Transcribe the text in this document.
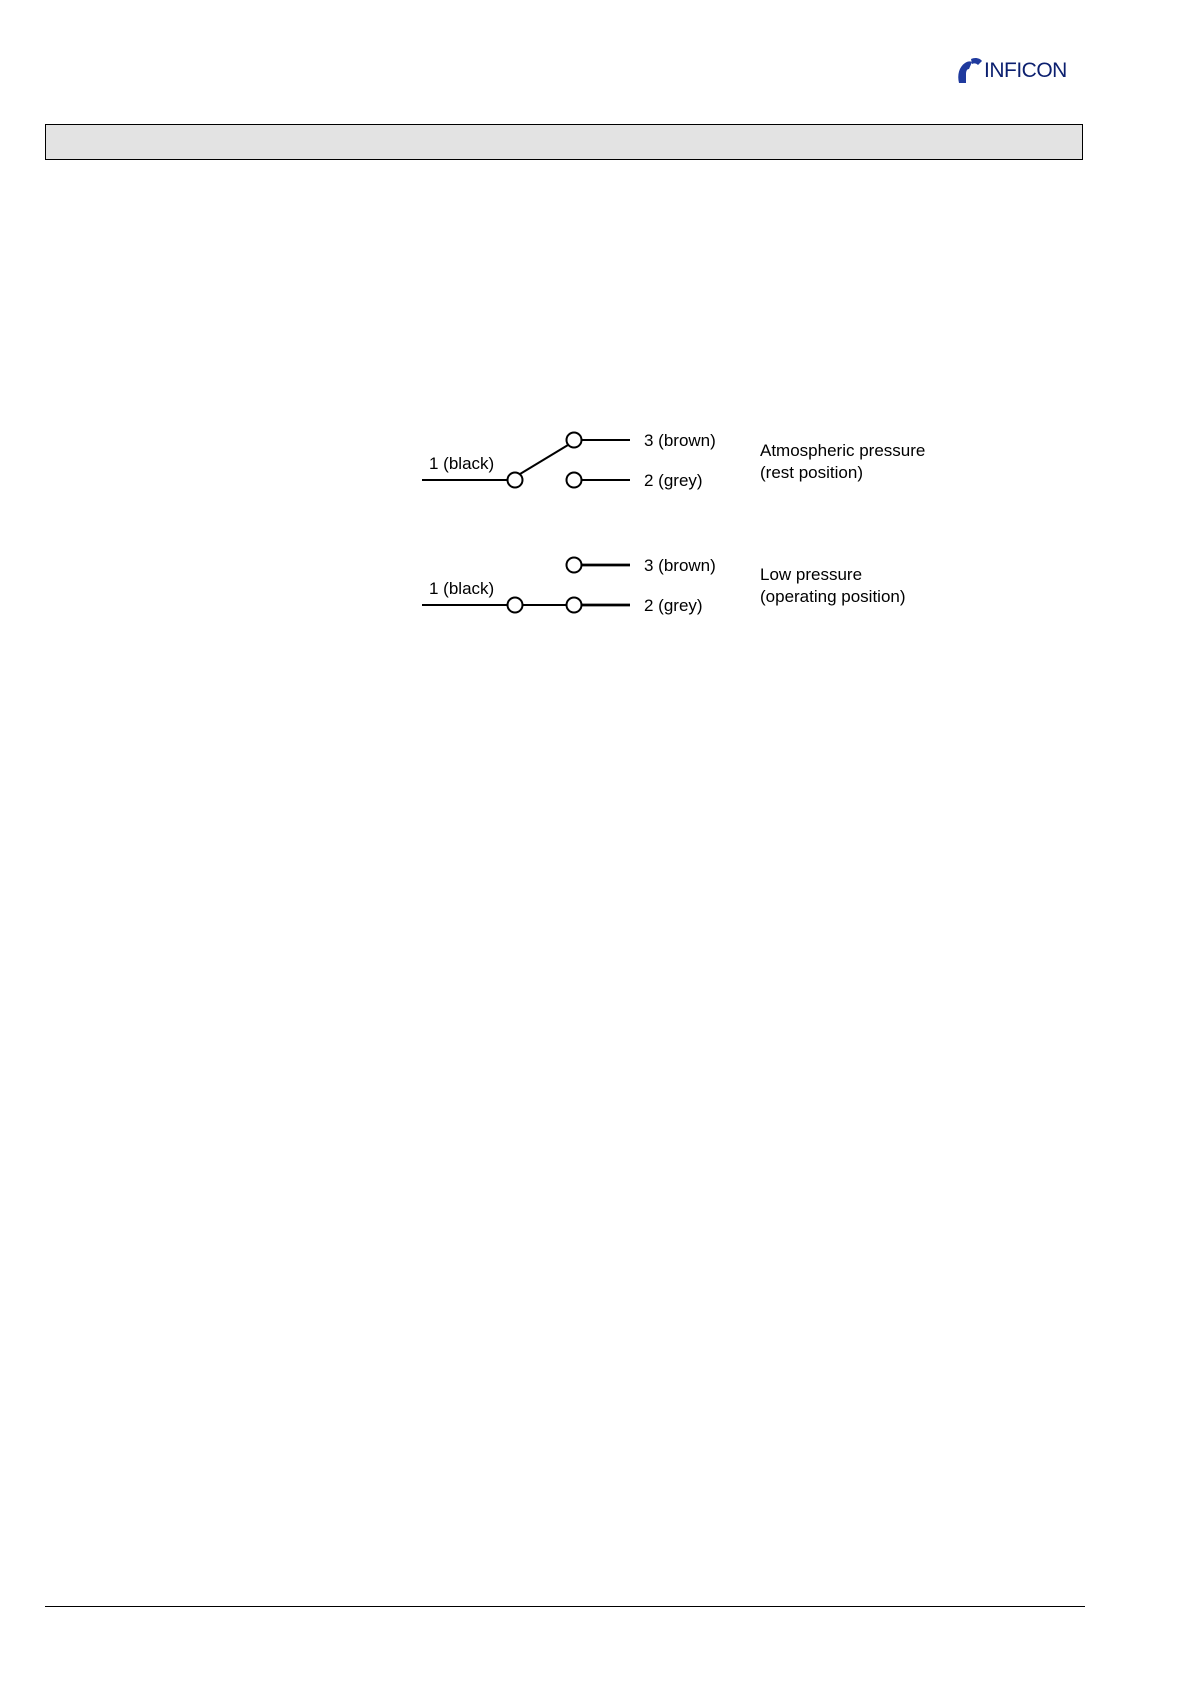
INFICON
1 (black)
3 (brown)
2 (grey)
Atmospheric pressure
(rest position)
1 (black)
3 (brown)
2 (grey)
Low pressure
(operating position)
